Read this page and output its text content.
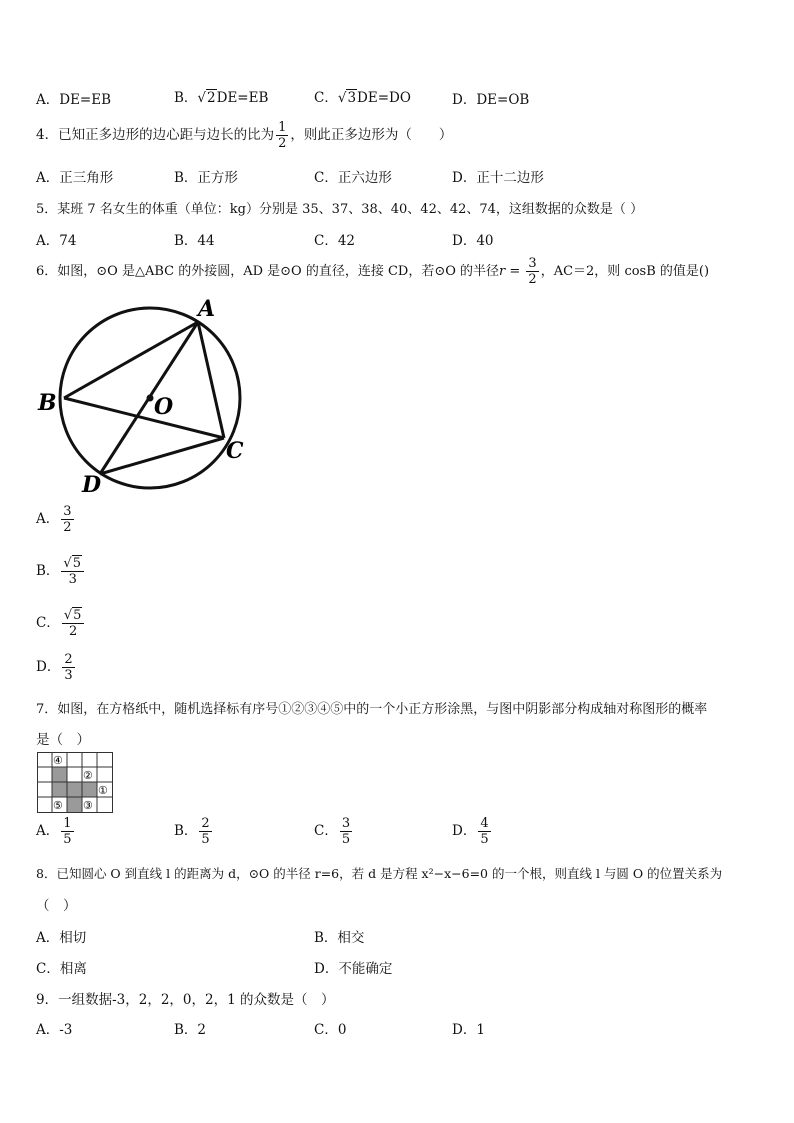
A．DE=EB	B．√2DE=EB	C．√3DE=DO	D．DE=OB
4．已知正多边形的边心距与边长的比为 $\frac{1}{2}$ ，则此正多边形为（　　）
A．正三角形	B．正方形	C．正六边形	D．正十二边形
5．某班 7 名女生的体重（单位：kg）分别是 35、37、38、40、42、42、74，这组数据的众数是（ ）
A．74	B．44	C．42	D．40
6．如图，⊙O 是△ABC 的外接圆，AD 是⊙O 的直径，连接 CD，若⊙O 的半径$r = \frac{3}{2}$ ，AC＝2，则 cosB 的值是()
A
B
C
D
O
A． $\frac{3}{2}$
B． $\frac{√5}{3}$
C． $\frac{√5}{2}$
D． $\frac{2}{3}$
7．如图，在方格纸中，随机选择标有序号①②③④⑤中的一个小正方形涂黑，与图中阴影部分构成轴对称图形的概率
是（　）
④
②
①
⑤ ③
A． $\frac{1}{5}$	B． $\frac{2}{5}$	C． $\frac{3}{5}$	D． $\frac{4}{5}$
8．已知圆心 O 到直线 l 的距离为 d，⊙O 的半径 r=6，若 d 是方程 x²−x−6=0 的一个根，则直线 l 与圆 O 的位置关系为
（　）
A．相切	B．相交
C．相离	D．不能确定
9．一组数据-3，2，2，0，2，1 的众数是（　）
A．-3	B．2	C．0	D．1
